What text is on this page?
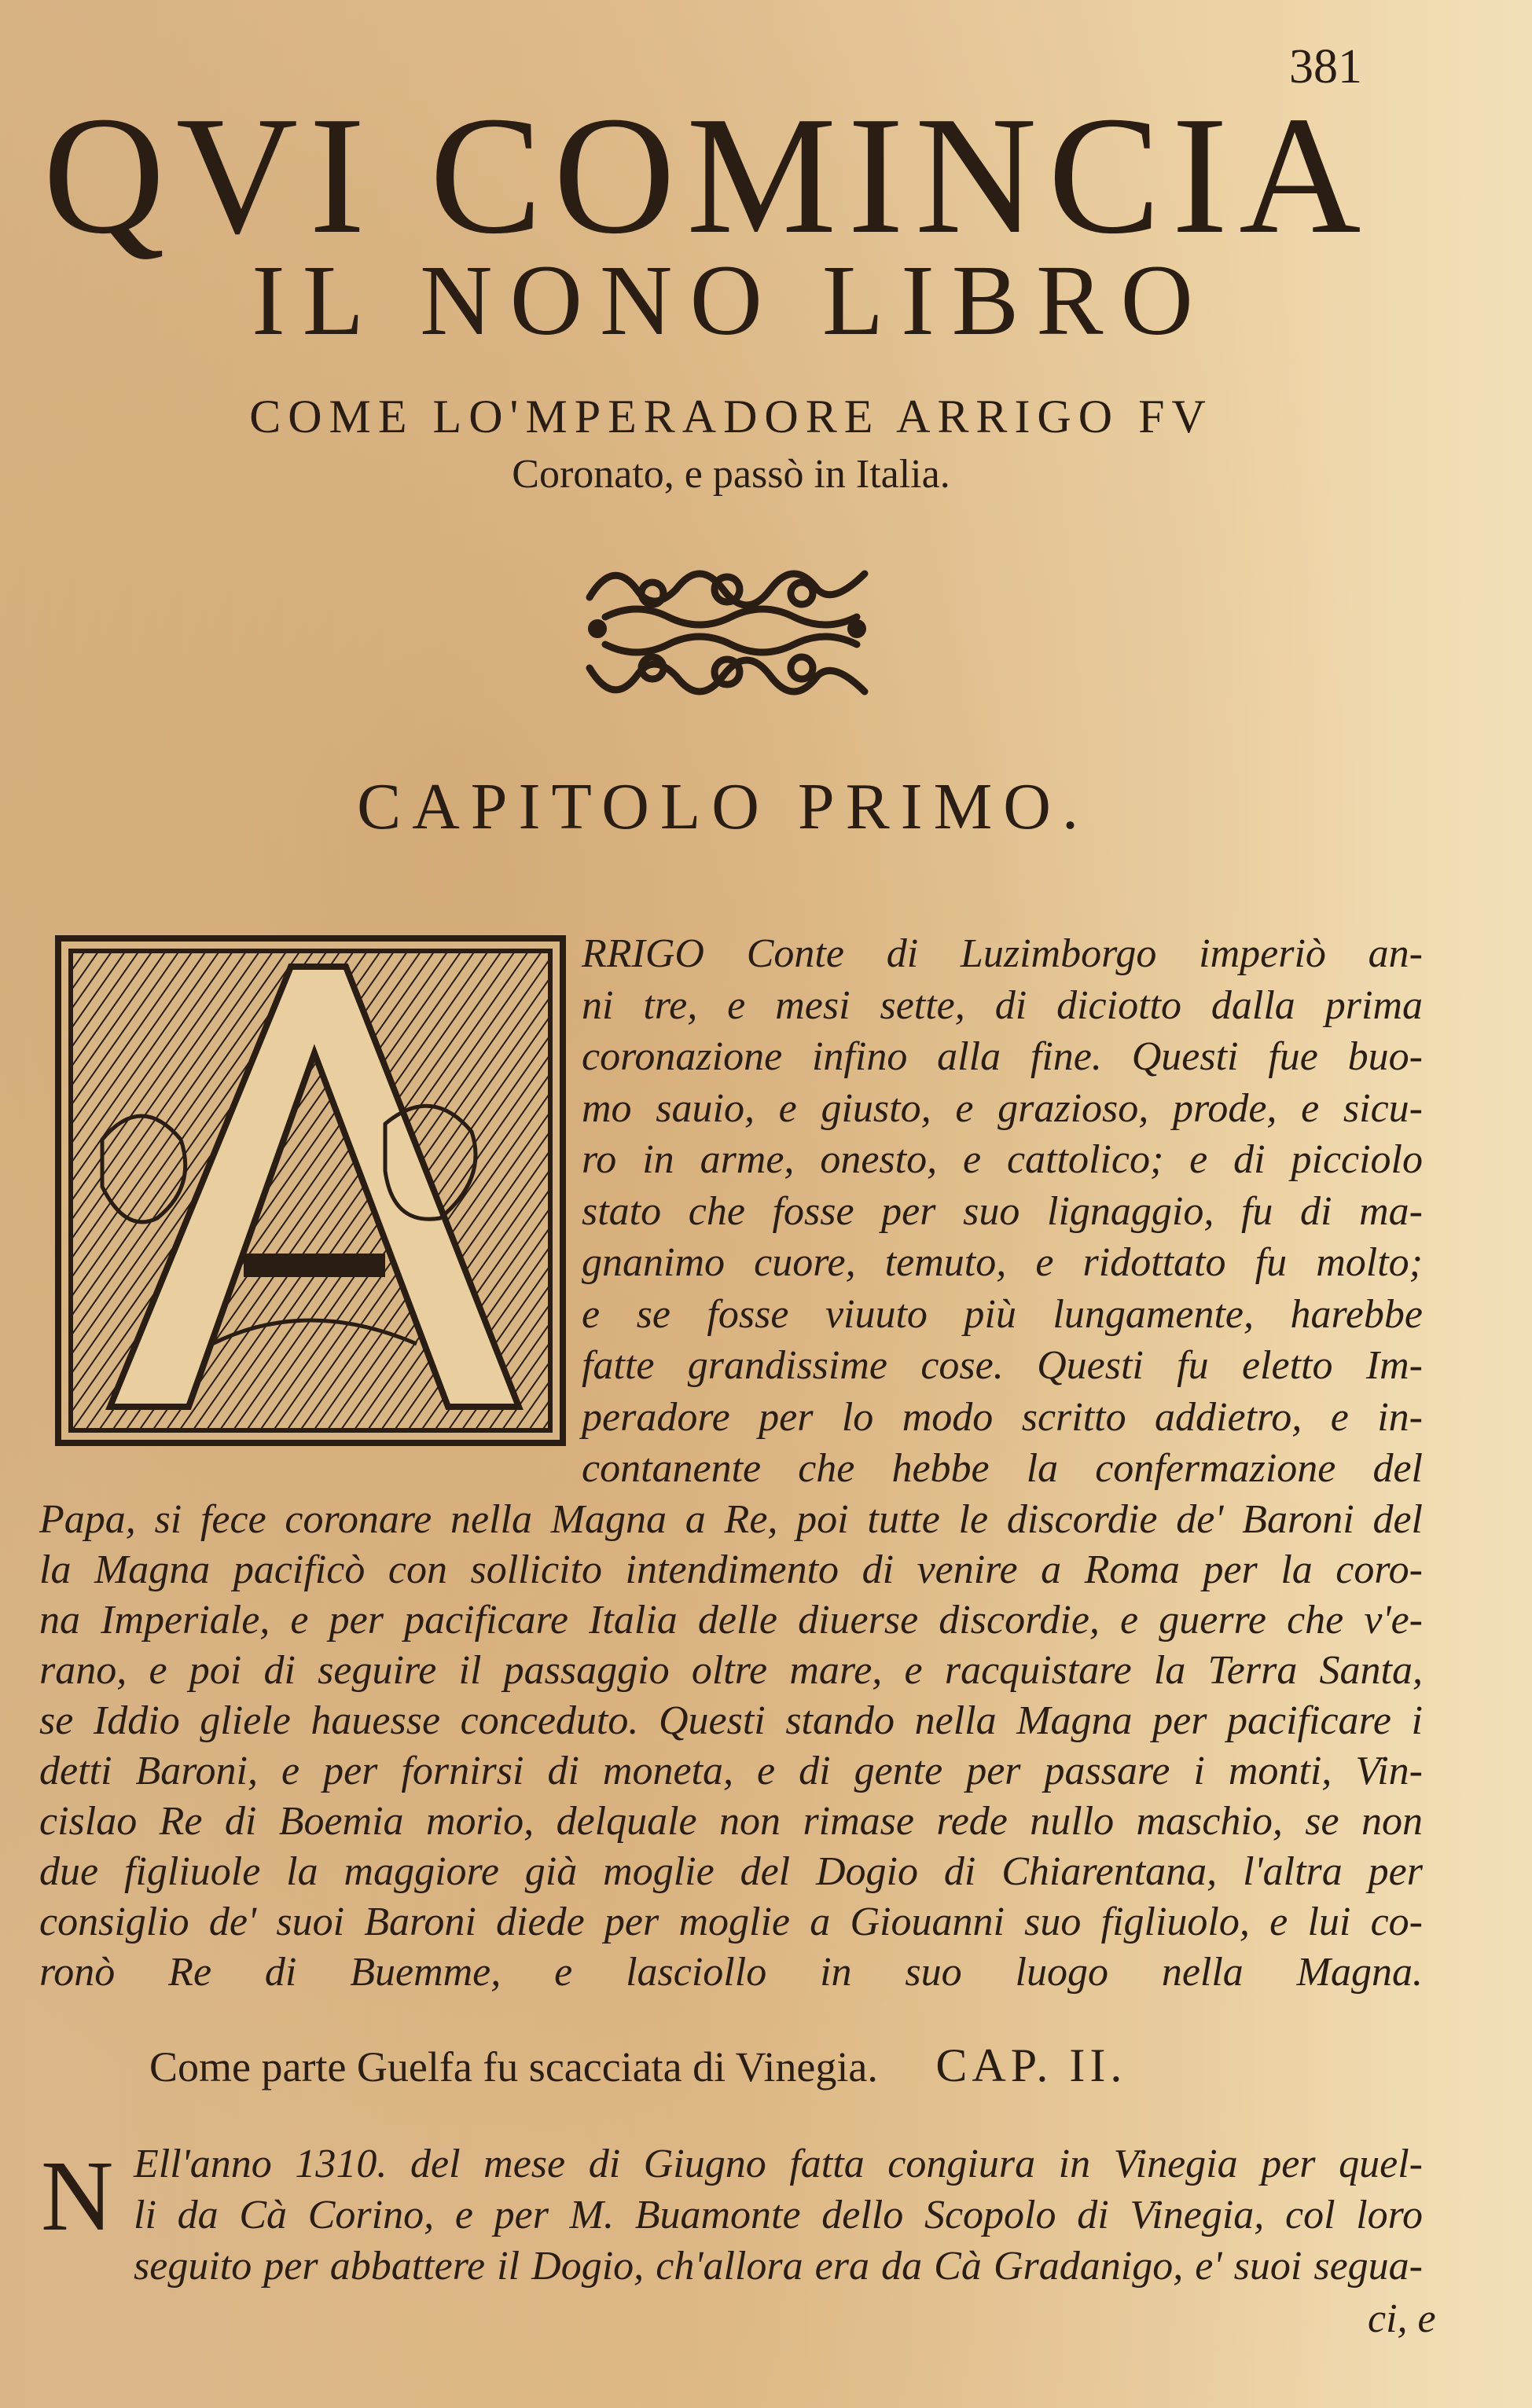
381
QVI COMINCIA
IL NONO LIBRO
COME LO'MPERADORE ARRIGO FV
Coronato, e passò in Italia.
CAPITOLO PRIMO.
N
RRIGO Conte di Luzimborgo imperiò an-
ni tre, e mesi sette, di diciotto dalla prima
coronazione infino alla fine. Questi fue buo-
mo sauio, e giusto, e grazioso, prode, e sicu-
ro in arme, onesto, e cattolico; e di picciolo
stato che fosse per suo lignaggio, fu di ma-
gnanimo cuore, temuto, e ridottato fu molto;
e se fosse viuuto più lungamente, harebbe
fatte grandissime cose. Questi fu eletto Im-
peradore per lo modo scritto addietro, e in-
contanente che hebbe la confermazione del
Papa, si fece coronare nella Magna a Re, poi tutte le discordie de' Baroni del
la Magna pacificò con sollicito intendimento di venire a Roma per la coro-
na Imperiale, e per pacificare Italia delle diuerse discordie, e guerre che v'e-
rano, e poi di seguire il passaggio oltre mare, e racquistare la Terra Santa,
se Iddio gliele hauesse conceduto. Questi stando nella Magna per pacificare i
detti Baroni, e per fornirsi di moneta, e di gente per passare i monti, Vin-
cislao Re di Boemia morio, delquale non rimase rede nullo maschio, se non
due figliuole la maggiore già moglie del Dogio di Chiarentana, l'altra per
consiglio de' suoi Baroni diede per moglie a Giouanni suo figliuolo, e lui co-
ronò Re di Buemme, e lasciollo in suo luogo nella Magna.
Ell'anno 1310. del mese di Giugno fatta congiura in Vinegia per quel-
li da Cà Corino, e per M. Buamonte dello Scopolo di Vinegia, col loro
seguito per abbattere il Dogio, ch'allora era da Cà Gradanigo, e' suoi segua-
Come parte Guelfa fu scacciata di Vinegia. CAP. II.
ci, e
